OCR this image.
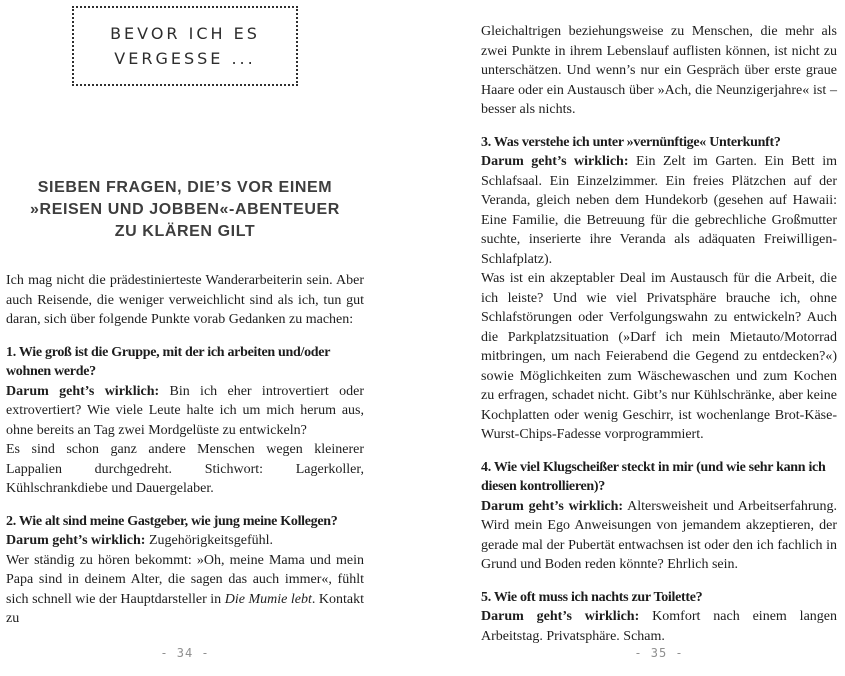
BEVOR ICH ES
VERGESSE ...
SIEBEN FRAGEN, DIE’S VOR EINEM
»REISEN UND JOBBEN«-ABENTEUER
ZU KLÄREN GILT

Ich mag nicht die prädestinierteste Wanderarbeiterin sein. Aber auch Reisende, die weniger verweichlicht sind als ich, tun gut daran, sich über folgende Punkte vorab Gedanken zu machen:

1. Wie groß ist die Gruppe, mit der ich arbeiten und/oder wohnen werde?

Darum geht’s wirklich: Bin ich eher introvertiert oder extrovertiert? Wie viele Leute halte ich um mich herum aus, ohne bereits an Tag zwei Mordgelüste zu entwickeln?

Es sind schon ganz andere Menschen wegen kleinerer Lappalien durchgedreht. Stichwort: Lagerkoller, Kühlschrankdiebe und Dauergelaber.

2. Wie alt sind meine Gastgeber, wie jung meine Kollegen?

Darum geht’s wirklich: Zugehörigkeitsgefühl.

Wer ständig zu hören bekommt: »Oh, meine Mama und mein Papa sind in deinem Alter, die sagen das auch immer«, fühlt sich schnell wie der Hauptdarsteller in Die Mumie lebt. Kontakt zu

Gleichaltrigen beziehungsweise zu Menschen, die mehr als zwei Punkte in ihrem Lebenslauf auflisten können, ist nicht zu unterschätzen. Und wenn’s nur ein Gespräch über erste graue Haare oder ein Austausch über »Ach, die Neunzigerjahre« ist – besser als nichts.

3. Was verstehe ich unter »vernünftige« Unterkunft?

Darum geht’s wirklich: Ein Zelt im Garten. Ein Bett im Schlafsaal. Ein Einzelzimmer. Ein freies Plätzchen auf der Veranda, gleich neben dem Hundekorb (gesehen auf Hawaii: Eine Familie, die Betreuung für die gebrechliche Großmutter suchte, inserierte ihre Veranda als adäquaten Freiwilligen-Schlafplatz).

Was ist ein akzeptabler Deal im Austausch für die Arbeit, die ich leiste? Und wie viel Privatsphäre brauche ich, ohne Schlafstörungen oder Verfolgungswahn zu entwickeln? Auch die Parkplatzsituation (»Darf ich mein Mietauto/Motorrad mitbringen, um nach Feierabend die Gegend zu entdecken?«) sowie Möglichkeiten zum Wäschewaschen und zum Kochen zu erfragen, schadet nicht. Gibt’s nur Kühlschränke, aber keine Kochplatten oder wenig Geschirr, ist wochenlange Brot-Käse-Wurst-Chips-Fadesse vorprogrammiert.

4. Wie viel Klugscheißer steckt in mir (und wie sehr kann ich diesen kontrollieren)?

Darum geht’s wirklich: Altersweisheit und Arbeitserfahrung. Wird mein Ego Anweisungen von jemandem akzeptieren, der gerade mal der Pubertät entwachsen ist oder den ich fachlich in Grund und Boden reden könnte? Ehrlich sein.

5. Wie oft muss ich nachts zur Toilette?

Darum geht’s wirklich: Komfort nach einem langen Arbeitstag. Privatsphäre. Scham.

- 34 -	- 35 -
